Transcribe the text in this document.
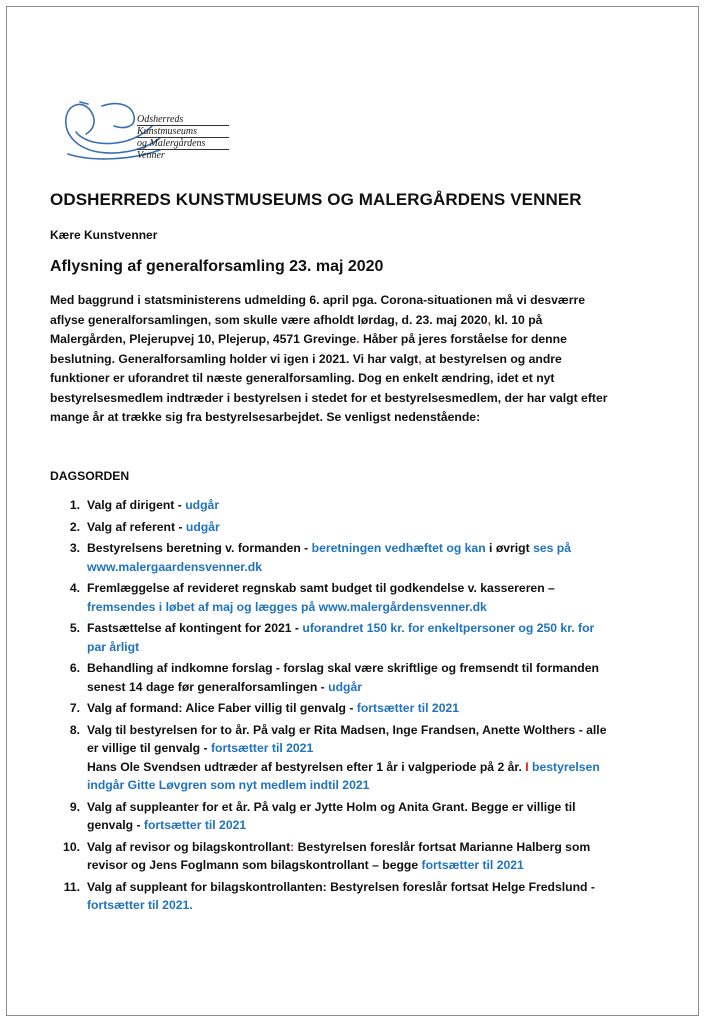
Odsherreds
Kunstmuseums
og Malergårdens
Venner
ODSHERREDS KUNSTMUSEUMS OG MALERGÅRDENS VENNER
Kære Kunstvenner
Aflysning af generalforsamling 23. maj 2020
Med baggrund i statsministerens udmelding 6. april pga. Corona-situationen må vi desværre
aflyse generalforsamlingen, som skulle være afholdt lørdag, d. 23. maj 2020, kl. 10 på
Malergården, Plejerupvej 10, Plejerup, 4571 Grevinge. Håber på jeres forståelse for denne
beslutning. Generalforsamling holder vi igen i 2021. Vi har valgt, at bestyrelsen og andre
funktioner er uforandret til næste generalforsamling. Dog en enkelt ændring, idet et nyt
bestyrelsesmedlem indtræder i bestyrelsen i stedet for et bestyrelsesmedlem, der har valgt efter
mange år at trække sig fra bestyrelsesarbejdet. Se venligst nedenstående:
DAGSORDEN
1. Valg af dirigent - udgår
2. Valg af referent - udgår
3. Bestyrelsens beretning v. formanden - beretningen vedhæftet og kan i øvrigt ses på
www.malergaardensvenner.dk
4. Fremlæggelse af revideret regnskab samt budget til godkendelse v. kassereren –
fremsendes i løbet af maj og lægges på www.malergårdensvenner.dk
5. Fastsættelse af kontingent for 2021 - uforandret 150 kr. for enkeltpersoner og 250 kr. for
par årligt
6. Behandling af indkomne forslag - forslag skal være skriftlige og fremsendt til formanden
senest 14 dage før generalforsamlingen - udgår
7. Valg af formand: Alice Faber villig til genvalg - fortsætter til 2021
8. Valg til bestyrelsen for to år. På valg er Rita Madsen, Inge Frandsen, Anette Wolthers - alle
er villige til genvalg - fortsætter til 2021
Hans Ole Svendsen udtræder af bestyrelsen efter 1 år i valgperiode på 2 år. I bestyrelsen
indgår Gitte Løvgren som nyt medlem indtil 2021
9. Valg af suppleanter for et år. På valg er Jytte Holm og Anita Grant. Begge er villige til
genvalg - fortsætter til 2021
10. Valg af revisor og bilagskontrollant: Bestyrelsen foreslår fortsat Marianne Halberg som
revisor og Jens Foglmann som bilagskontrollant – begge fortsætter til 2021
11. Valg af suppleant for bilagskontrollanten: Bestyrelsen foreslår fortsat Helge Fredslund -
fortsætter til 2021.
